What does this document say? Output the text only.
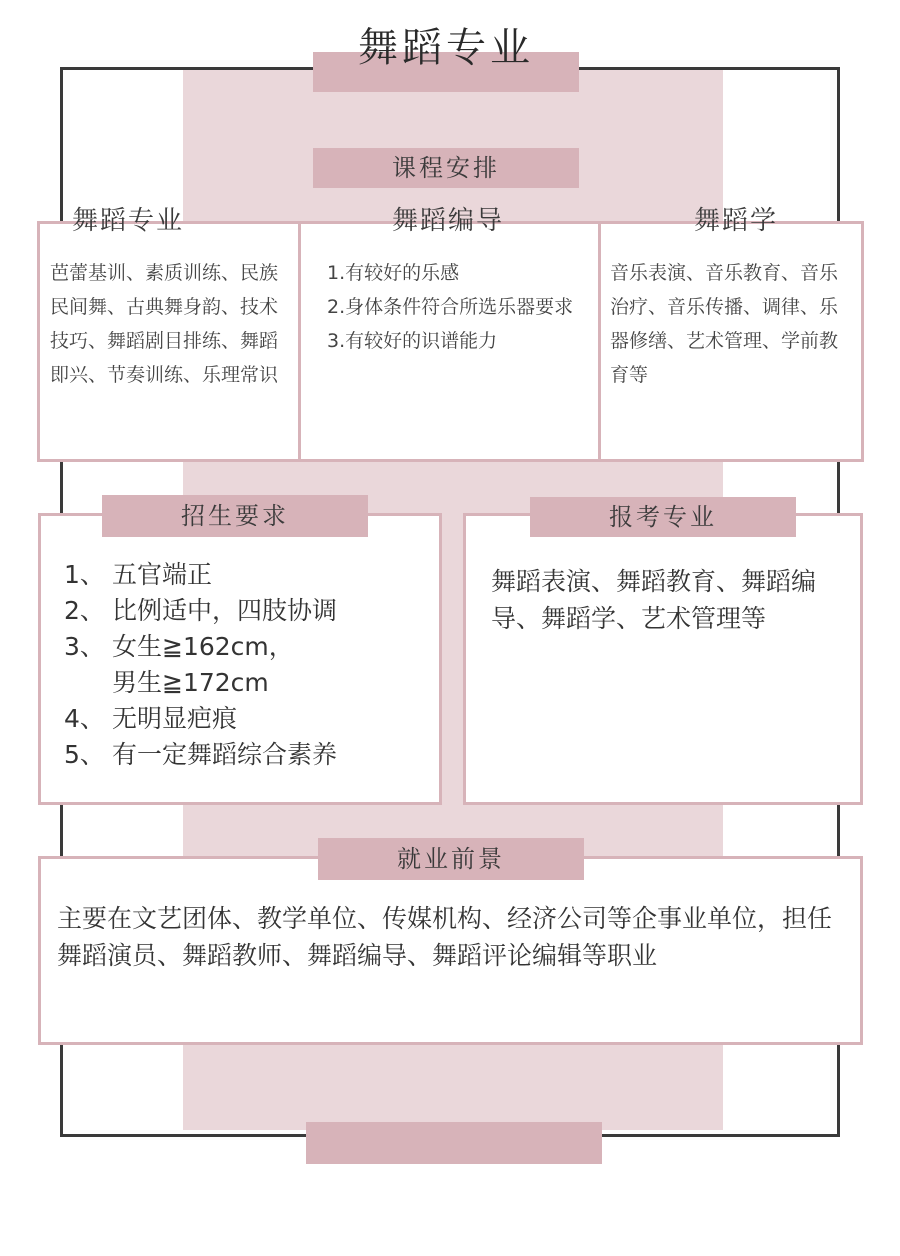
舞蹈专业
课程安排
舞蹈专业	舞蹈编导	舞蹈学
芭蕾基训、素质训练、民族民间舞、古典舞身韵、技术技巧、舞蹈剧目排练、舞蹈即兴、节奏训练、乐理常识
1.有较好的乐感
2.身体条件符合所选乐器要求
3.有较好的识谱能力
音乐表演、音乐教育、音乐治疗、音乐传播、调律、乐器修缮、艺术管理、学前教育等
招生要求
1、 五官端正
2、 比例适中，四肢协调
3、 女生≧162cm，
男生≧172cm
4、 无明显疤痕
5、 有一定舞蹈综合素养
报考专业
舞蹈表演、舞蹈教育、舞蹈编导、舞蹈学、艺术管理等
就业前景
主要在文艺团体、教学单位、传媒机构、经济公司等企事业单位，担任舞蹈演员、舞蹈教师、舞蹈编导、舞蹈评论编辑等职业
